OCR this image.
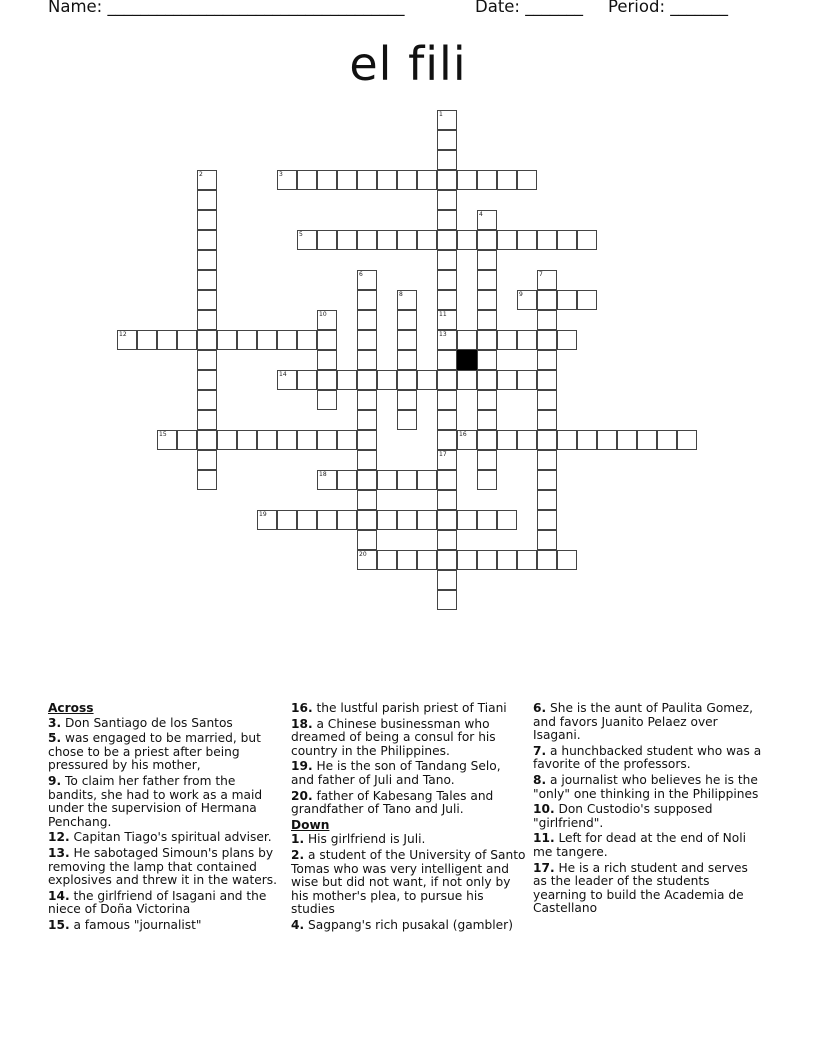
Name: ____________________________________	Date: _______ Period: _______
el fili
1
11
13
17
2	3
4
5
6
20
7
8	9
10
12
14
15	16
18
19
Across
3. Don Santiago de los Santos
5. was engaged to be married, but chose to be a priest after being pressured by his mother,
9. To claim her father from the bandits, she had to work as a maid under the supervision of Hermana Penchang.
12. Capitan Tiago's spiritual adviser.
13. He sabotaged Simoun's plans by removing the lamp that contained explosives and threw it in the waters.
14. the girlfriend of Isagani and the niece of Doña Victorina
15. a famous "journalist"
16. the lustful parish priest of Tiani
18. a Chinese businessman who dreamed of being a consul for his country in the Philippines.
19. He is the son of Tandang Selo, and father of Juli and Tano.
20. father of Kabesang Tales and grandfather of Tano and Juli.
Down
1. His girlfriend is Juli.
2. a student of the University of Santo Tomas who was very intelligent and wise but did not want, if not only by his mother's plea, to pursue his studies
4. Sagpang's rich pusakal (gambler)
6. She is the aunt of Paulita Gomez, and favors Juanito Pelaez over Isagani.
7. a hunchbacked student who was a favorite of the professors.
8. a journalist who believes he is the "only" one thinking in the Philippines
10. Don Custodio's supposed "girlfriend".
11. Left for dead at the end of Noli me tangere.
17. He is a rich student and serves as the leader of the students yearning to build the Academia de Castellano
